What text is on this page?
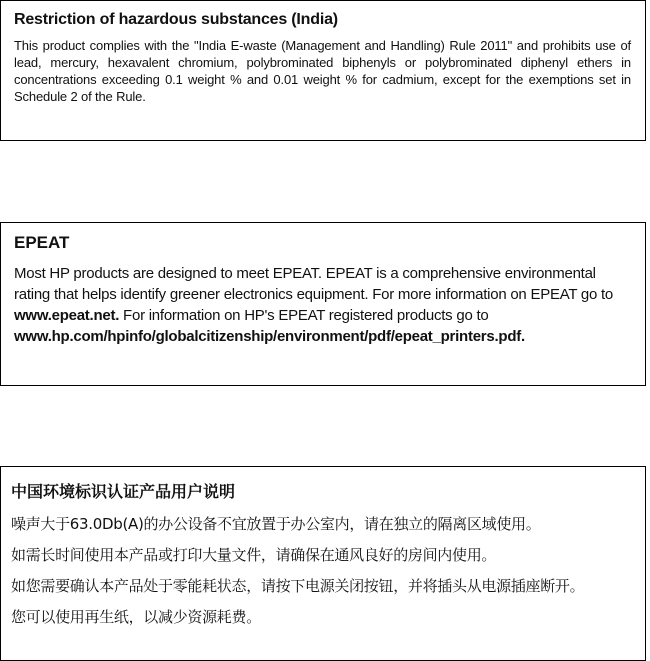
Restriction of hazardous substances (India)

This product complies with the "India E-waste (Management and Handling) Rule 2011" and prohibits use of lead, mercury, hexavalent chromium, polybrominated biphenyls or polybrominated diphenyl ethers in concentrations exceeding 0.1 weight % and 0.01 weight % for cadmium, except for the exemptions set in Schedule 2 of the Rule.

EPEAT

Most HP products are designed to meet EPEAT. EPEAT is a comprehensive environmental rating that helps identify greener electronics equipment. For more information on EPEAT go to www.epeat.net. For information on HP's EPEAT registered products go to
www.hp.com/hpinfo/globalcitizenship/environment/pdf/epeat_printers.pdf.

中国环境标识认证产品用户说明

噪声大于63.0Db(A)的办公设备不宜放置于办公室内，请在独立的隔离区域使用。

如需长时间使用本产品或打印大量文件，请确保在通风良好的房间内使用。

如您需要确认本产品处于零能耗状态，请按下电源关闭按钮，并将插头从电源插座断开。

您可以使用再生纸，以减少资源耗费。
